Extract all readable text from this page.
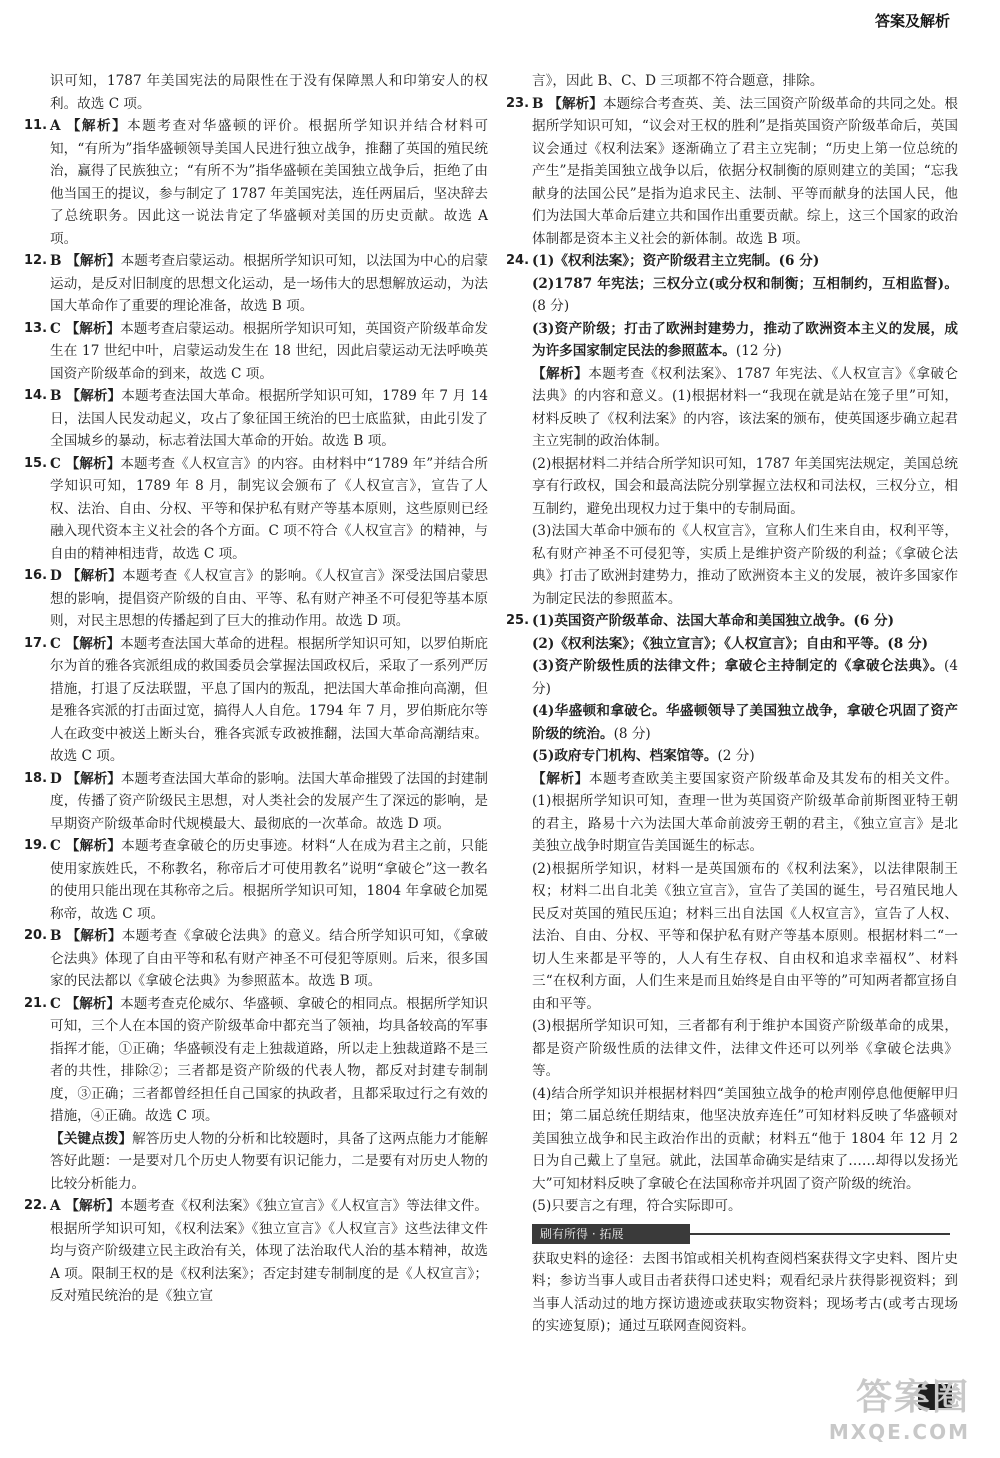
答案及解析

识可知，1787 年美国宪法的局限性在于没有保障黑人和印第安人的权利。故选 C 项。

11. A 【解析】本题考查对华盛顿的评价。根据所学知识并结合材料可知，“有所为”指华盛顿领导美国人民进行独立战争，推翻了英国的殖民统治，赢得了民族独立；“有所不为”指华盛顿在美国独立战争后，拒绝了由他当国王的提议，参与制定了 1787 年美国宪法，连任两届后，坚决辞去了总统职务。因此这一说法肯定了华盛顿对美国的历史贡献。故选 A 项。

12. B 【解析】本题考查启蒙运动。根据所学知识可知，以法国为中心的启蒙运动，是反对旧制度的思想文化运动，是一场伟大的思想解放运动，为法国大革命作了重要的理论准备，故选 B 项。

13. C 【解析】本题考查启蒙运动。根据所学知识可知，英国资产阶级革命发生在 17 世纪中叶，启蒙运动发生在 18 世纪，因此启蒙运动无法呼唤英国资产阶级革命的到来，故选 C 项。

14. B 【解析】本题考查法国大革命。根据所学知识可知，1789 年 7 月 14 日，法国人民发动起义，攻占了象征国王统治的巴士底监狱，由此引发了全国城乡的暴动，标志着法国大革命的开始。故选 B 项。

15. C 【解析】本题考查《人权宣言》的内容。由材料中“1789 年”并结合所学知识可知，1789 年 8 月，制宪议会颁布了《人权宣言》，宣告了人权、法治、自由、分权、平等和保护私有财产等基本原则，这些原则已经融入现代资本主义社会的各个方面。C 项不符合《人权宣言》的精神，与自由的精神相违背，故选 C 项。

16. D 【解析】本题考查《人权宣言》的影响。《人权宣言》深受法国启蒙思想的影响，提倡资产阶级的自由、平等、私有财产神圣不可侵犯等基本原则，对民主思想的传播起到了巨大的推动作用。故选 D 项。

17. C 【解析】本题考查法国大革命的进程。根据所学知识可知，以罗伯斯庇尔为首的雅各宾派组成的救国委员会掌握法国政权后，采取了一系列严厉措施，打退了反法联盟，平息了国内的叛乱，把法国大革命推向高潮，但是雅各宾派的打击面过宽，搞得人人自危。1794 年 7 月，罗伯斯庇尔等人在政变中被送上断头台，雅各宾派专政被推翻，法国大革命高潮结束。故选 C 项。

18. D 【解析】本题考查法国大革命的影响。法国大革命摧毁了法国的封建制度，传播了资产阶级民主思想，对人类社会的发展产生了深远的影响，是早期资产阶级革命时代规模最大、最彻底的一次革命。故选 D 项。

19. C 【解析】本题考查拿破仑的历史事迹。材料“人在成为君主之前，只能使用家族姓氏，不称教名，称帝后才可使用教名”说明“拿破仑”这一教名的使用只能出现在其称帝之后。根据所学知识可知，1804 年拿破仑加冕称帝，故选 C 项。

20. B 【解析】本题考查《拿破仑法典》的意义。结合所学知识可知，《拿破仑法典》体现了自由平等和私有财产神圣不可侵犯等原则。后来，很多国家的民法都以《拿破仑法典》为参照蓝本。故选 B 项。

21. C 【解析】本题考查克伦威尔、华盛顿、拿破仑的相同点。根据所学知识可知，三个人在本国的资产阶级革命中都充当了领袖，均具备较高的军事指挥才能，①正确；华盛顿没有走上独裁道路，所以走上独裁道路不是三者的共性，排除②；三者都是资产阶级的代表人物，都反对封建专制制度，③正确；三者都曾经担任自己国家的执政者，且都采取过行之有效的措施，④正确。故选 C 项。

【关键点拨】解答历史人物的分析和比较题时，具备了这两点能力才能解答好此题：一是要对几个历史人物要有识记能力，二是要有对历史人物的比较分析能力。

22. A 【解析】本题考查《权利法案》《独立宣言》《人权宣言》等法律文件。根据所学知识可知，《权利法案》《独立宣言》《人权宣言》这些法律文件均与资产阶级建立民主政治有关，体现了法治取代人治的基本精神，故选 A 项。限制王权的是《权利法案》；否定封建专制制度的是《人权宣言》；反对殖民统治的是《独立宣

言》，因此 B、C、D 三项都不符合题意，排除。

23. B 【解析】本题综合考查英、美、法三国资产阶级革命的共同之处。根据所学知识可知，“议会对王权的胜利”是指英国资产阶级革命后，英国议会通过《权利法案》逐渐确立了君主立宪制；“历史上第一位总统的产生”是指美国独立战争以后，依据分权制衡的原则建立的美国；“忘我献身的法国公民”是指为追求民主、法制、平等而献身的法国人民，他们为法国大革命后建立共和国作出重要贡献。综上，这三个国家的政治体制都是资本主义社会的新体制。故选 B 项。

24. (1)《权利法案》；资产阶级君主立宪制。(6 分)

(2)1787 年宪法；三权分立(或分权和制衡；互相制约，互相监督)。(8 分)

(3)资产阶级；打击了欧洲封建势力，推动了欧洲资本主义的发展，成为许多国家制定民法的参照蓝本。(12 分)

【解析】本题考查《权利法案》、1787 年宪法、《人权宣言》《拿破仑法典》的内容和意义。(1)根据材料一“我现在就是站在笼子里”可知，材料反映了《权利法案》的内容，该法案的颁布，使英国逐步确立起君主立宪制的政治体制。

(2)根据材料二并结合所学知识可知，1787 年美国宪法规定，美国总统享有行政权，国会和最高法院分别掌握立法权和司法权，三权分立，相互制约，避免出现权力过于集中的专制局面。

(3)法国大革命中颁布的《人权宣言》，宣称人们生来自由，权利平等，私有财产神圣不可侵犯等，实质上是维护资产阶级的利益；《拿破仑法典》打击了欧洲封建势力，推动了欧洲资本主义的发展，被许多国家作为制定民法的参照蓝本。

25. (1)英国资产阶级革命、法国大革命和美国独立战争。(6 分)

(2)《权利法案》；《独立宣言》；《人权宣言》；自由和平等。(8 分)

(3)资产阶级性质的法律文件；拿破仑主持制定的《拿破仑法典》。(4 分)

(4)华盛顿和拿破仑。华盛顿领导了美国独立战争，拿破仑巩固了资产阶级的统治。(8 分)

(5)政府专门机构、档案馆等。(2 分)

【解析】本题考查欧美主要国家资产阶级革命及其发布的相关文件。(1)根据所学知识可知，查理一世为英国资产阶级革命前斯图亚特王朝的君主，路易十六为法国大革命前波旁王朝的君主，《独立宣言》是北美独立战争时期宣告美国诞生的标志。

(2)根据所学知识，材料一是英国颁布的《权利法案》，以法律限制王权；材料二出自北美《独立宣言》，宣告了美国的诞生，号召殖民地人民反对英国的殖民压迫；材料三出自法国《人权宣言》，宣告了人权、法治、自由、分权、平等和保护私有财产等基本原则。根据材料二“一切人生来都是平等的，人人有生存权、自由权和追求幸福权”、材料三“在权利方面，人们生来是而且始终是自由平等的”可知两者都宣扬自由和平等。

(3)根据所学知识可知，三者都有利于维护本国资产阶级革命的成果，都是资产阶级性质的法律文件，法律文件还可以列举《拿破仑法典》等。

(4)结合所学知识并根据材料四“美国独立战争的枪声刚停息他便解甲归田；第二届总统任期结束，他坚决放弃连任”可知材料反映了华盛顿对美国独立战争和民主政治作出的贡献；材料五“他于 1804 年 12 月 2 日为自己戴上了皇冠。就此，法国革命确实是结束了……却得以发扬光大”可知材料反映了拿破仑在法国称帝并巩固了资产阶级的统治。

(5)只要言之有理，符合实际即可。

刷有所得 · 拓展

获取史料的途径：去图书馆或相关机构查阅档案获得文字史料、图片史料；参访当事人或目击者获得口述史料；观看纪录片获得影视资料；到当事人活动过的地方探访遗迹或获取实物资料；现场考古(或考古现场的实迹复原)；通过互联网查阅资料。

答案圈
MXQE.COM
